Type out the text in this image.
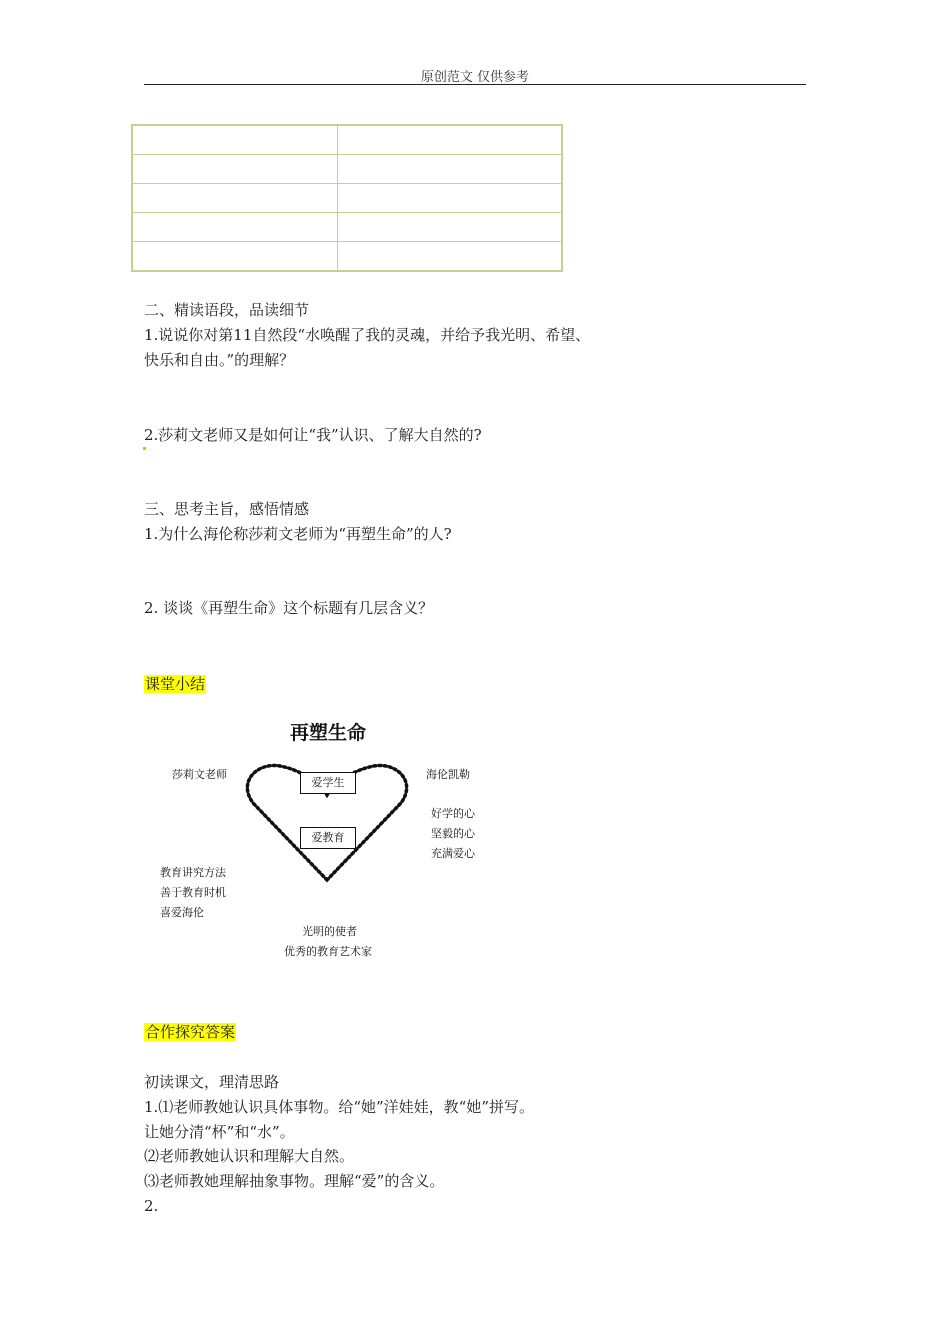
原创范文 仅供参考

二、精读语段，品读细节
1.说说你对第11自然段“水唤醒了我的灵魂，并给予我光明、希望、
快乐和自由。”的理解？
2.莎莉文老师又是如何让“我”认识、了解大自然的?
三、思考主旨，感悟情感
1.为什么海伦称莎莉文老师为“再塑生命”的人?
2. 谈谈《再塑生命》这个标题有几层含义？
课堂小结
再塑生命
莎莉文老师	海伦凯勒
爱学生
爱教育
好学的心
坚毅的心
充满爱心
教育讲究方法
善于教育时机
喜爱海伦
光明的使者
优秀的教育艺术家
合作探究答案
初读课文，理清思路
1.⑴老师教她认识具体事物。给“她”洋娃娃，教“她”拼写。
让她分清“杯”和“水”。
⑵老师教她认识和理解大自然。
⑶老师教她理解抽象事物。理解“爱”的含义。
2.
